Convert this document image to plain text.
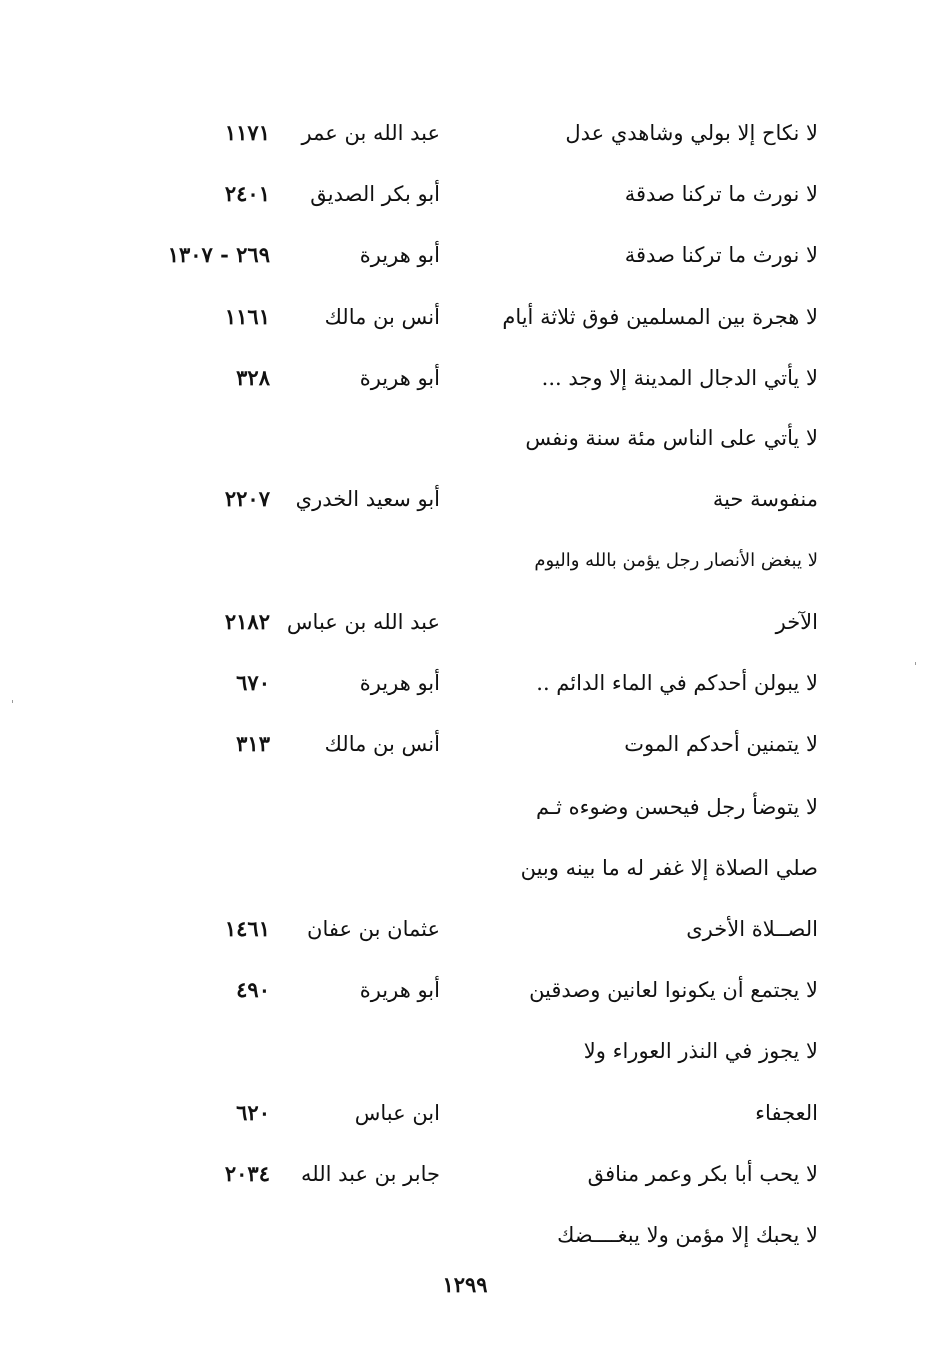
لا نكاح إلا بولي وشاهدي عدل
عبد الله بن عمر
١١٧١
لا نورث ما تركنا صدقة
أبو بكر الصديق
٢٤٠١
لا نورث ما تركنا صدقة
أبو هريرة
٢٦٩ - ١٣٠٧
لا هجرة بين المسلمين فوق ثلاثة أيام
أنس بن مالك
١١٦١
لا يأتي الدجال المدينة إلا وجد ...
أبو هريرة
٣٢٨
لا يأتي على الناس مئة سنة ونفس
منفوسة حية
أبو سعيد الخدري
٢٢٠٧
لا يبغض الأنصار رجل يؤمن بالله واليوم
الآخر
عبد الله بن عباس
٢١٨٢
لا يبولن أحدكم في الماء الدائم ..
أبو هريرة
٦٧٠
لا يتمنين أحدكم الموت
أنس بن مالك
٣١٣
لا يتوضأ رجل فيحسن وضوءه ثـم
صلي الصلاة إلا غفر له ما بينه وبين
الصــلاة الأخرى
عثمان بن عفان
١٤٦١
لا يجتمع أن يكونوا لعانين وصدقين
أبو هريرة
٤٩٠
لا يجوز في النذر العوراء ولا
العجفاء
ابن عباس
٦٢٠
لا يحب أبا بكر وعمر منافق
جابر بن عبد الله
٢٠٣٤
لا يحبك إلا مؤمن ولا يبغــــضك
١٢٩٩
